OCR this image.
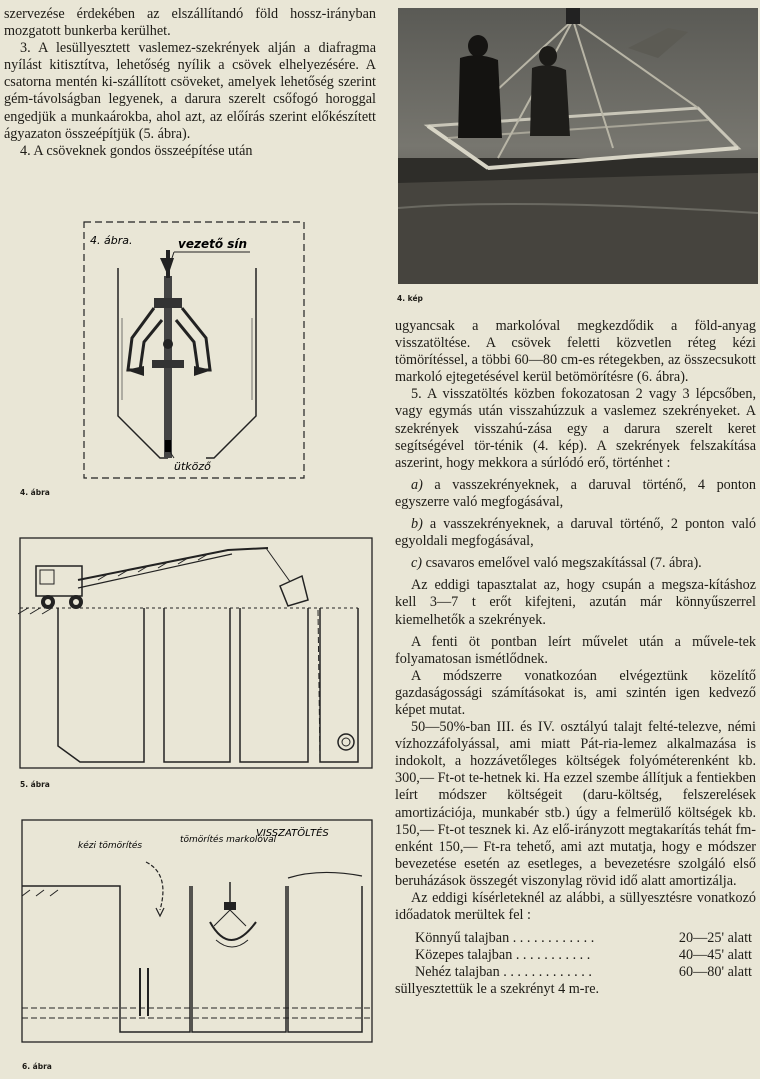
szervezése érdekében az elszállítandó föld hossz-irányban mozgatott bunkerba kerülhet.

3. A lesüllyesztett vaslemez-szekrények alján a diafragma nyílást kitisztítva, lehetőség nyílik a csövek elhelyezésére. A csatorna mentén ki-szállított csöveket, amelyek lehetőség szerint gém-távolságban legyenek, a darura szerelt csőfogó horoggal engedjük a munkaárokba, ahol azt, az előírás szerint előkészített ágyazaton összeépítjük (5. ábra).

4. A csöveknek gondos összeépítése után

4. kép
4. ábra.	vezető sín
ütköző
4. ábra
5. ábra
VISSZATÖLTÉS
kézi tömörítés
tömörítés markolóval
6. ábra

ugyancsak a markolóval megkezdődik a föld-anyag visszatöltése. A csövek feletti közvetlen réteg kézi tömörítéssel, a többi 60—80 cm-es rétegekben, az összecsukott markoló ejtegetésével kerül betömörítésre (6. ábra).

5. A visszatöltés közben fokozatosan 2 vagy 3 lépcsőben, vagy egymás után visszahúzzuk a vaslemez szekrényeket. A szekrények visszahú-zása egy a darura szerelt keret segítségével tör-ténik (4. kép). A szekrények felszakítása aszerint, hogy mekkora a súrlódó erő, történhet :

a) a vasszekrényeknek, a daruval történő, 4 ponton egyszerre való megfogásával,

b) a vasszekrényeknek, a daruval történő, 2 ponton való egyoldali megfogásával,

c) csavaros emelővel való megszakítással (7. ábra).

Az eddigi tapasztalat az, hogy csupán a megsza-kításhoz kell 3—7 t erőt kifejteni, azután már könnyűszerrel kiemelhetők a szekrények.

A fenti öt pontban leírt művelet után a művele-tek folyamatosan ismétlődnek.

A módszerre vonatkozóan elvégeztünk közelítő gazdaságossági számításokat is, ami szintén igen kedvező képet mutat.

50—50%-ban III. és IV. osztályú talajt felté-telezve, némi vízhozzáfolyással, ami miatt Pát-ria-lemez alkalmazása is indokolt, a hozzávetőleges költségek folyóméterenként kb. 300,— Ft-ot te-hetnek ki. Ha ezzel szembe állítjuk a fentiekben leírt módszer költségeit (daru-költség, felszerelések amortizációja, munkabér stb.) úgy a felmerülő költségek kb. 150,— Ft-ot tesznek ki. Az elő-irányzott megtakarítás tehát fm-enként 150,— Ft-ra tehető, ami azt mutatja, hogy e módszer bevezetése esetén az esetleges, a bevezetésre szolgáló első beruházások összegét viszonylag rövid idő alatt amortizálja.

Az eddigi kísérleteknél az alábbi, a süllyesztésre vonatkozó időadatok merültek fel :

Könnyű talajban . . . . . . . . . . . .	20—25' alatt
Közepes talajban . . . . . . . . . . .	40—45' alatt
Nehéz talajban . . . . . . . . . . . . .	60—80' alatt

süllyesztettük le a szekrényt 4 m-re.
